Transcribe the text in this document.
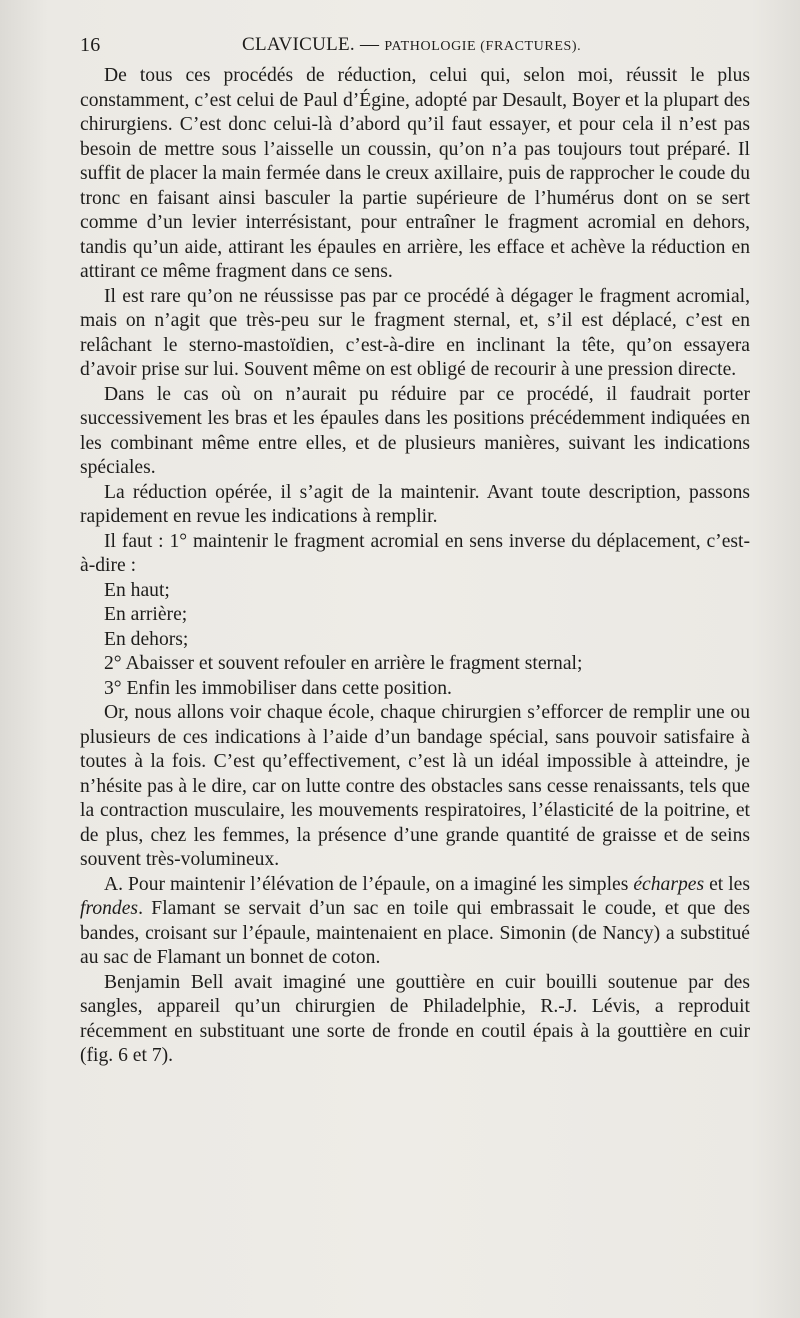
16	CLAVICULE. — PATHOLOGIE (FRACTURES).

De tous ces procédés de réduction, celui qui, selon moi, réussit le plus constamment, c’est celui de Paul d’Égine, adopté par Desault, Boyer et la plupart des chirurgiens. C’est donc celui-là d’abord qu’il faut essayer, et pour cela il n’est pas besoin de mettre sous l’aisselle un coussin, qu’on n’a pas toujours tout préparé. Il suffit de placer la main fermée dans le creux axillaire, puis de rapprocher le coude du tronc en faisant ainsi basculer la partie supérieure de l’humérus dont on se sert comme d’un levier interrésistant, pour entraîner le fragment acromial en dehors, tandis qu’un aide, attirant les épaules en arrière, les efface et achève la réduction en attirant ce même fragment dans ce sens.

Il est rare qu’on ne réussisse pas par ce procédé à dégager le fragment acromial, mais on n’agit que très-peu sur le fragment sternal, et, s’il est déplacé, c’est en relâchant le sterno-mastoïdien, c’est-à-dire en inclinant la tête, qu’on essayera d’avoir prise sur lui. Souvent même on est obligé de recourir à une pression directe.

Dans le cas où on n’aurait pu réduire par ce procédé, il faudrait porter successivement les bras et les épaules dans les positions précédemment indiquées en les combinant même entre elles, et de plusieurs manières, suivant les indications spéciales.

La réduction opérée, il s’agit de la maintenir. Avant toute description, passons rapidement en revue les indications à remplir.

Il faut : 1° maintenir le fragment acromial en sens inverse du déplacement, c’est-à-dire :

En haut;

En arrière;

En dehors;

2° Abaisser et souvent refouler en arrière le fragment sternal;

3° Enfin les immobiliser dans cette position.

Or, nous allons voir chaque école, chaque chirurgien s’efforcer de remplir une ou plusieurs de ces indications à l’aide d’un bandage spécial, sans pouvoir satisfaire à toutes à la fois. C’est qu’effectivement, c’est là un idéal impossible à atteindre, je n’hésite pas à le dire, car on lutte contre des obstacles sans cesse renaissants, tels que la contraction musculaire, les mouvements respiratoires, l’élasticité de la poitrine, et de plus, chez les femmes, la présence d’une grande quantité de graisse et de seins souvent très-volumineux.

A. Pour maintenir l’élévation de l’épaule, on a imaginé les simples écharpes et les frondes. Flamant se servait d’un sac en toile qui embrassait le coude, et que des bandes, croisant sur l’épaule, maintenaient en place. Simonin (de Nancy) a substitué au sac de Flamant un bonnet de coton.

Benjamin Bell avait imaginé une gouttière en cuir bouilli soutenue par des sangles, appareil qu’un chirurgien de Philadelphie, R.-J. Lévis, a reproduit récemment en substituant une sorte de fronde en coutil épais à la gouttière en cuir (fig. 6 et 7).
